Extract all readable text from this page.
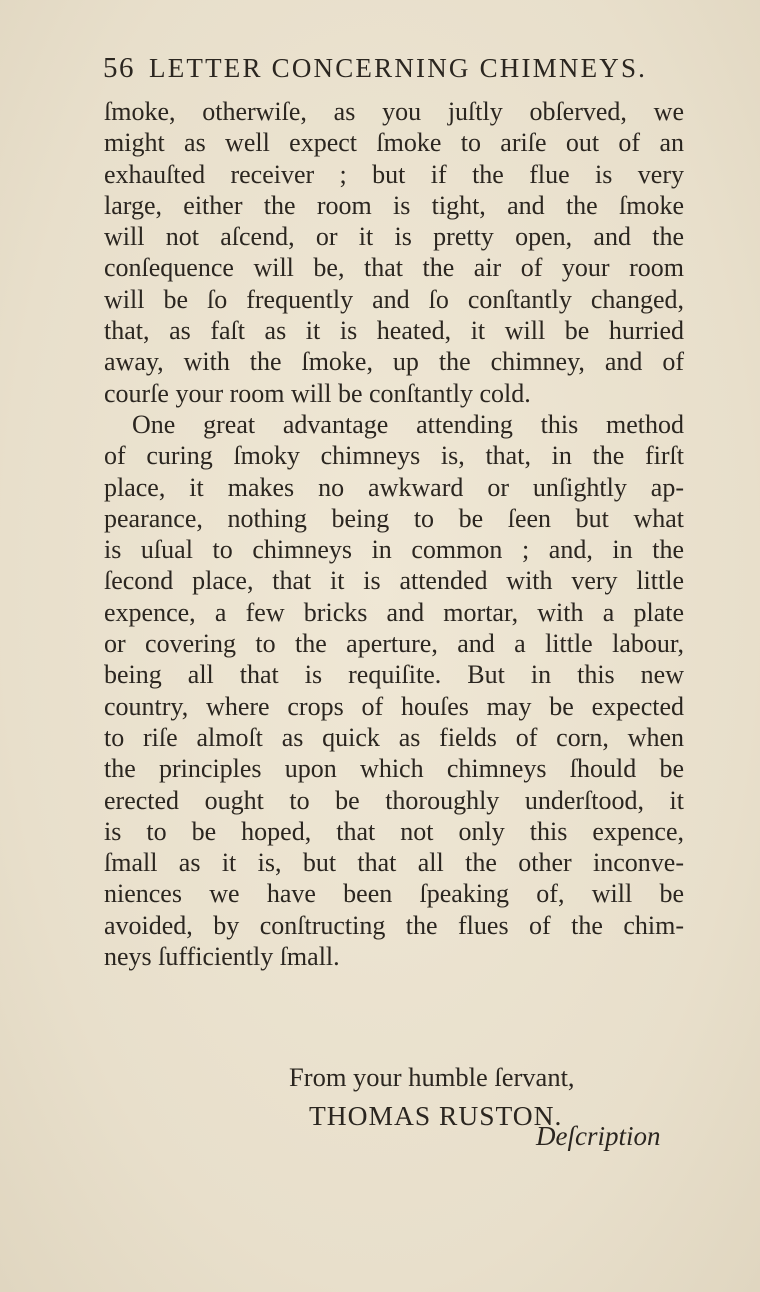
56 LETTER CONCERNING CHIMNEYS.
ſmoke, otherwiſe, as you juſtly obſerved, we
might as well expect ſmoke to ariſe out of an
exhauſted receiver ; but if the flue is very
large, either the room is tight, and the ſmoke
will not aſcend, or it is pretty open, and the
conſequence will be, that the air of your room
will be ſo frequently and ſo conſtantly changed,
that, as faſt as it is heated, it will be hurried
away, with the ſmoke, up the chimney, and of
courſe your room will be conſtantly cold.
One great advantage attending this method
of curing ſmoky chimneys is, that, in the firſt
place, it makes no awkward or unſightly ap-
pearance, nothing being to be ſeen but what
is uſual to chimneys in common ; and, in the
ſecond place, that it is attended with very little
expence, a few bricks and mortar, with a plate
or covering to the aperture, and a little labour,
being all that is requiſite. But in this new
country, where crops of houſes may be expected
to riſe almoſt as quick as fields of corn, when
the principles upon which chimneys ſhould be
erected ought to be thoroughly underſtood, it
is to be hoped, that not only this expence,
ſmall as it is, but that all the other inconve-
niences we have been ſpeaking of, will be
avoided, by conſtructing the flues of the chim-
neys ſufficiently ſmall.
From your humble ſervant,
THOMAS RUSTON.
Deſcription
